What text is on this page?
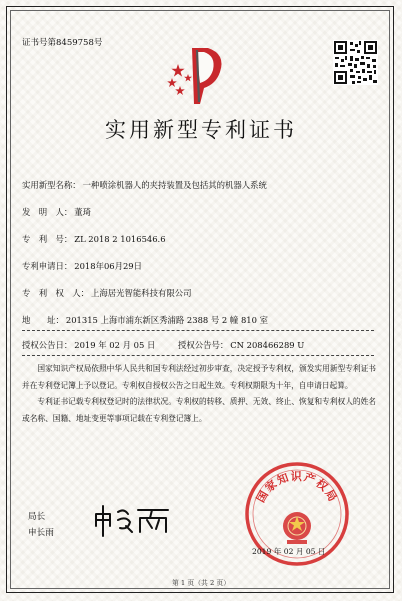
证书号第8459758号
实用新型专利证书
实用新型名称： 一种喷涂机器人的夹持装置及包括其的机器人系统
发　明　人： 董琦
专　利　号： ZL 2018 2 1016546.6
专利申请日： 2018年06月29日
专　利　权　人： 上海居光智能科技有限公司
地　　址： 201315 上海市浦东新区秀浦路 2388 号 2 幢 810 室
授权公告日： 2019 年 02 月 05 日	授权公告号： CN 208466289 U

国家知识产权局依照中华人民共和国专利法经过初步审查，决定授予专利权，颁发实用新型专利证书并在专利登记簿上予以登记。专利权自授权公告之日起生效。专利权期限为十年，自申请日起算。

专利证书记载专利权登记时的法律状况。专利权的转移、质押、无效、终止、恢复和专利权人的姓名或名称、国籍、地址变更等事项记载在专利登记簿上。

国家知识产权局
局长
申长雨
2019 年 02 月 05 日
第 1 页（共 2 页）
